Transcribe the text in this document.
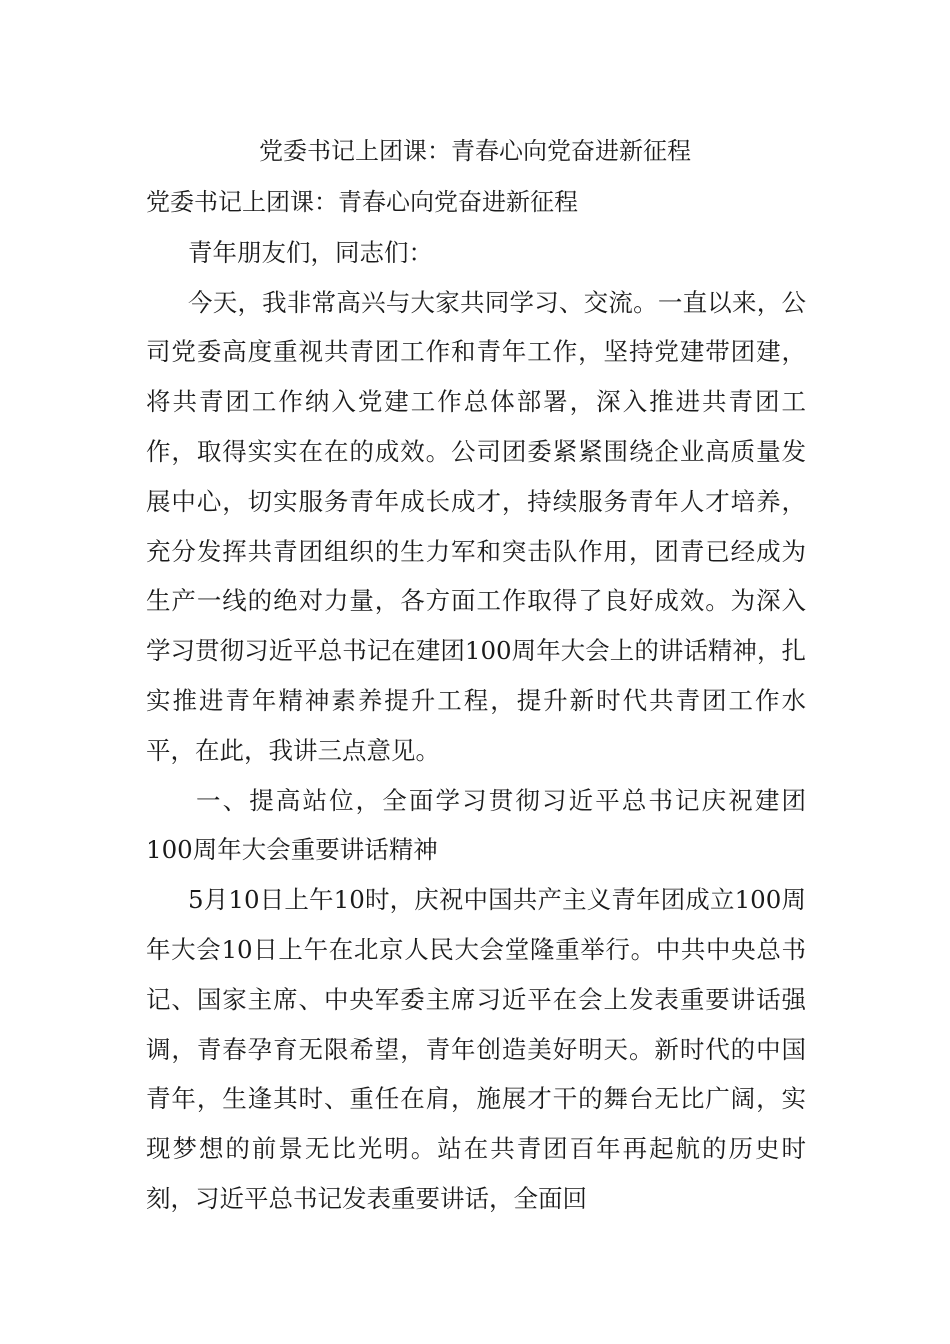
党委书记上团课：青春心向党奋进新征程

党委书记上团课：青春心向党奋进新征程

青年朋友们，同志们：

今天，我非常高兴与大家共同学习、交流。一直以来，公司党委高度重视共青团工作和青年工作，坚持党建带团建，将共青团工作纳入党建工作总体部署，深入推进共青团工作，取得实实在在的成效。公司团委紧紧围绕企业高质量发展中心，切实服务青年成长成才，持续服务青年人才培养，充分发挥共青团组织的生力军和突击队作用，团青已经成为生产一线的绝对力量，各方面工作取得了良好成效。为深入学习贯彻习近平总书记在建团100周年大会上的讲话精神，扎实推进青年精神素养提升工程，提升新时代共青团工作水平，在此，我讲三点意见。

一、提高站位，全面学习贯彻习近平总书记庆祝建团100周年大会重要讲话精神

5月10日上午10时，庆祝中国共产主义青年团成立100周年大会10日上午在北京人民大会堂隆重举行。中共中央总书记、国家主席、中央军委主席习近平在会上发表重要讲话强调，青春孕育无限希望，青年创造美好明天。新时代的中国青年，生逢其时、重任在肩，施展才干的舞台无比广阔，实现梦想的前景无比光明。站在共青团百年再起航的历史时刻，习近平总书记发表重要讲话，全面回
